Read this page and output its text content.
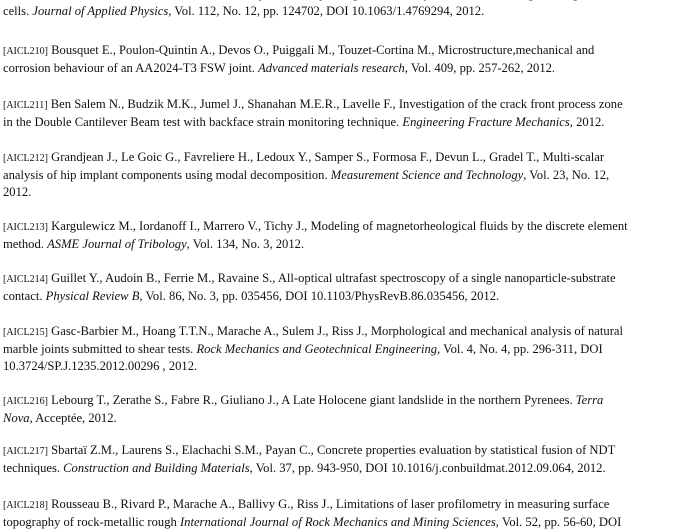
cells. Journal of Applied Physics, Vol. 112, No. 12, pp. 124702, DOI 10.1063/1.4769294, 2012.
[AICL210] Bousquet E., Poulon-Quintin A., Devos O., Puiggali M., Touzet-Cortina M., Microstructure,mechanical and
corrosion behaviour of an AA2024-T3 FSW joint. Advanced materials research, Vol. 409, pp. 257-262, 2012.
[AICL211] Ben Salem N., Budzik M.K., Jumel J., Shanahan M.E.R., Lavelle F., Investigation of the crack front process zone
in the Double Cantilever Beam test with backface strain monitoring technique. Engineering Fracture Mechanics, 2012.
[AICL212] Grandjean J., Le Goic G., Favreliere H., Ledoux Y., Samper S., Formosa F., Devun L., Gradel T., Multi-scalar
analysis of hip implant components using modal decomposition. Measurement Science and Technology, Vol. 23, No. 12,
2012.
[AICL213] Kargulewicz M., Iordanoff I., Marrero V., Tichy J., Modeling of magnetorheological fluids by the discrete element
method. ASME Journal of Tribology, Vol. 134, No. 3, 2012.
[AICL214] Guillet Y., Audoin B., Ferrie M., Ravaine S., All-optical ultrafast spectroscopy of a single nanoparticle-substrate
contact. Physical Review B, Vol. 86, No. 3, pp. 035456, DOI 10.1103/PhysRevB.86.035456, 2012.
[AICL215] Gasc-Barbier M., Hoang T.T.N., Marache A., Sulem J., Riss J., Morphological and mechanical analysis of natural
marble joints submitted to shear tests. Rock Mechanics and Geotechnical Engineering, Vol. 4, No. 4, pp. 296-311, DOI
10.3724/SP.J.1235.2012.00296 , 2012.
[AICL216] Lebourg T., Zerathe S., Fabre R., Giuliano J., A Late Holocene giant landslide in the northern Pyrenees. Terra
Nova, Acceptée, 2012.
[AICL217] Sbartaï Z.M., Laurens S., Elachachi S.M., Payan C., Concrete properties evaluation by statistical fusion of NDT
techniques. Construction and Building Materials, Vol. 37, pp. 943-950, DOI 10.1016/j.conbuildmat.2012.09.064, 2012.
[AICL218] Rousseau B., Rivard P., Marache A., Ballivy G., Riss J., Limitations of laser profilometry in measuring surface
topography of rock-metallic rough International Journal of Rock Mechanics and Mining Sciences, Vol. 52, pp. 56-60, DOI
